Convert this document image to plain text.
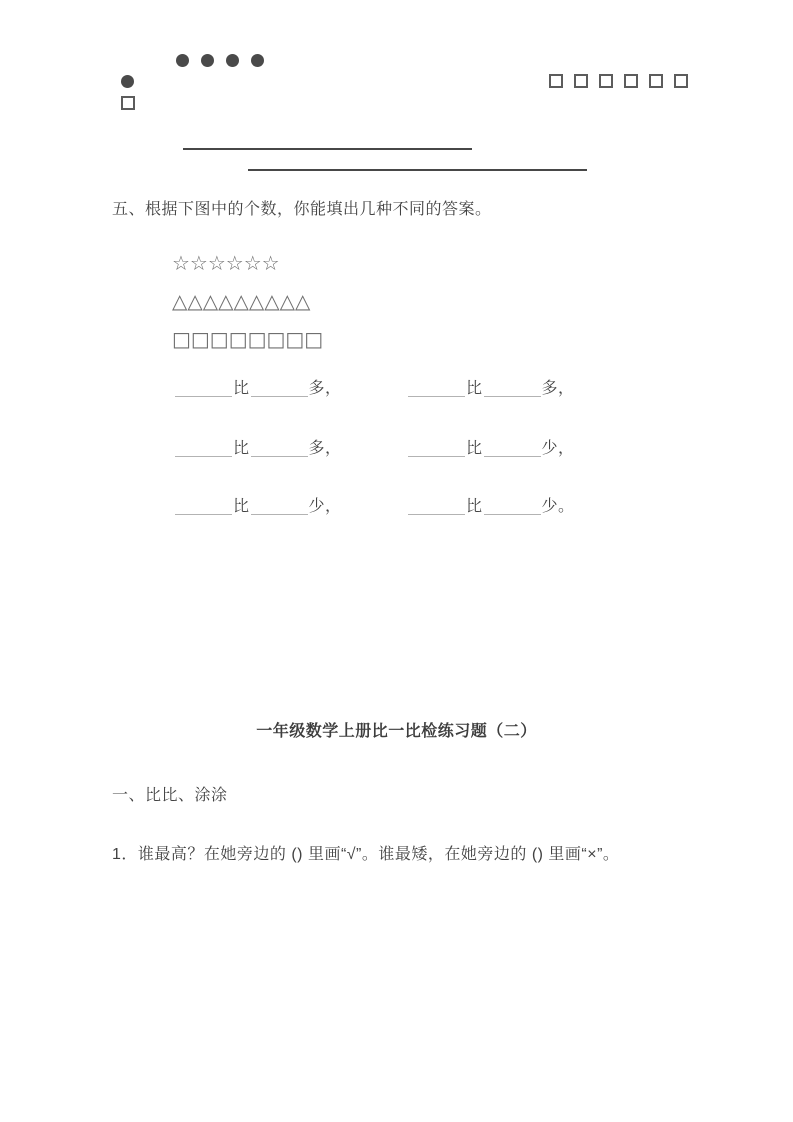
五、根据下图中的个数，你能填出几种不同的答案。
☆☆☆☆☆☆
△△△△△△△△△
□□□□□□□□
比	多，	比	多，
比	多，	比	少，
比	少，	比	少。
一年级数学上册比一比检练习题（二）
一、比比、涂涂
1．谁最高？在她旁边的 () 里画“√”。谁最矮，在她旁边的 () 里画“×”。
